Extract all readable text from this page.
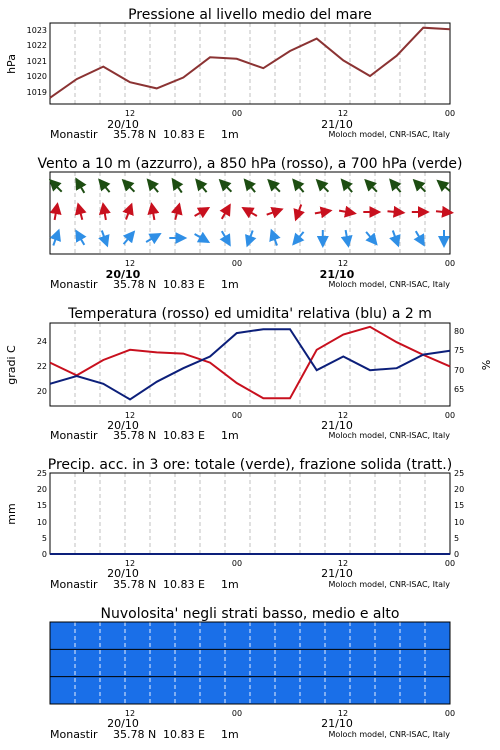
Pressione al livello medio del mare
hPa
1019
1020
1021
1022
1023
12	00	12	00
20/10	21/10
Monastir 35.78 N 10.83 E 1m	Moloch model, CNR-ISAC, Italy
Vento a 10 m (azzurro), a 850 hPa (rosso), a 700 hPa (verde)
12	00	12	00
20/10	21/10
Monastir 35.78 N 10.83 E 1m	Moloch model, CNR-ISAC, Italy
Temperatura (rosso) ed umidita' relativa (blu) a 2 m
gradi C	%
20
22
24
65
70
75
80
12	00	12	00
20/10	21/10
Monastir 35.78 N 10.83 E 1m	Moloch model, CNR-ISAC, Italy
Precip. acc. in 3 ore: totale (verde), frazione solida (tratt.)
mm
0
5
10
15
20
25
0
5
10
15
20
25
12	00	12	00
20/10	21/10
Monastir 35.78 N 10.83 E 1m	Moloch model, CNR-ISAC, Italy
Nuvolosita' negli strati basso, medio e alto
12	00	12	00
20/10	21/10
Monastir 35.78 N 10.83 E 1m	Moloch model, CNR-ISAC, Italy
